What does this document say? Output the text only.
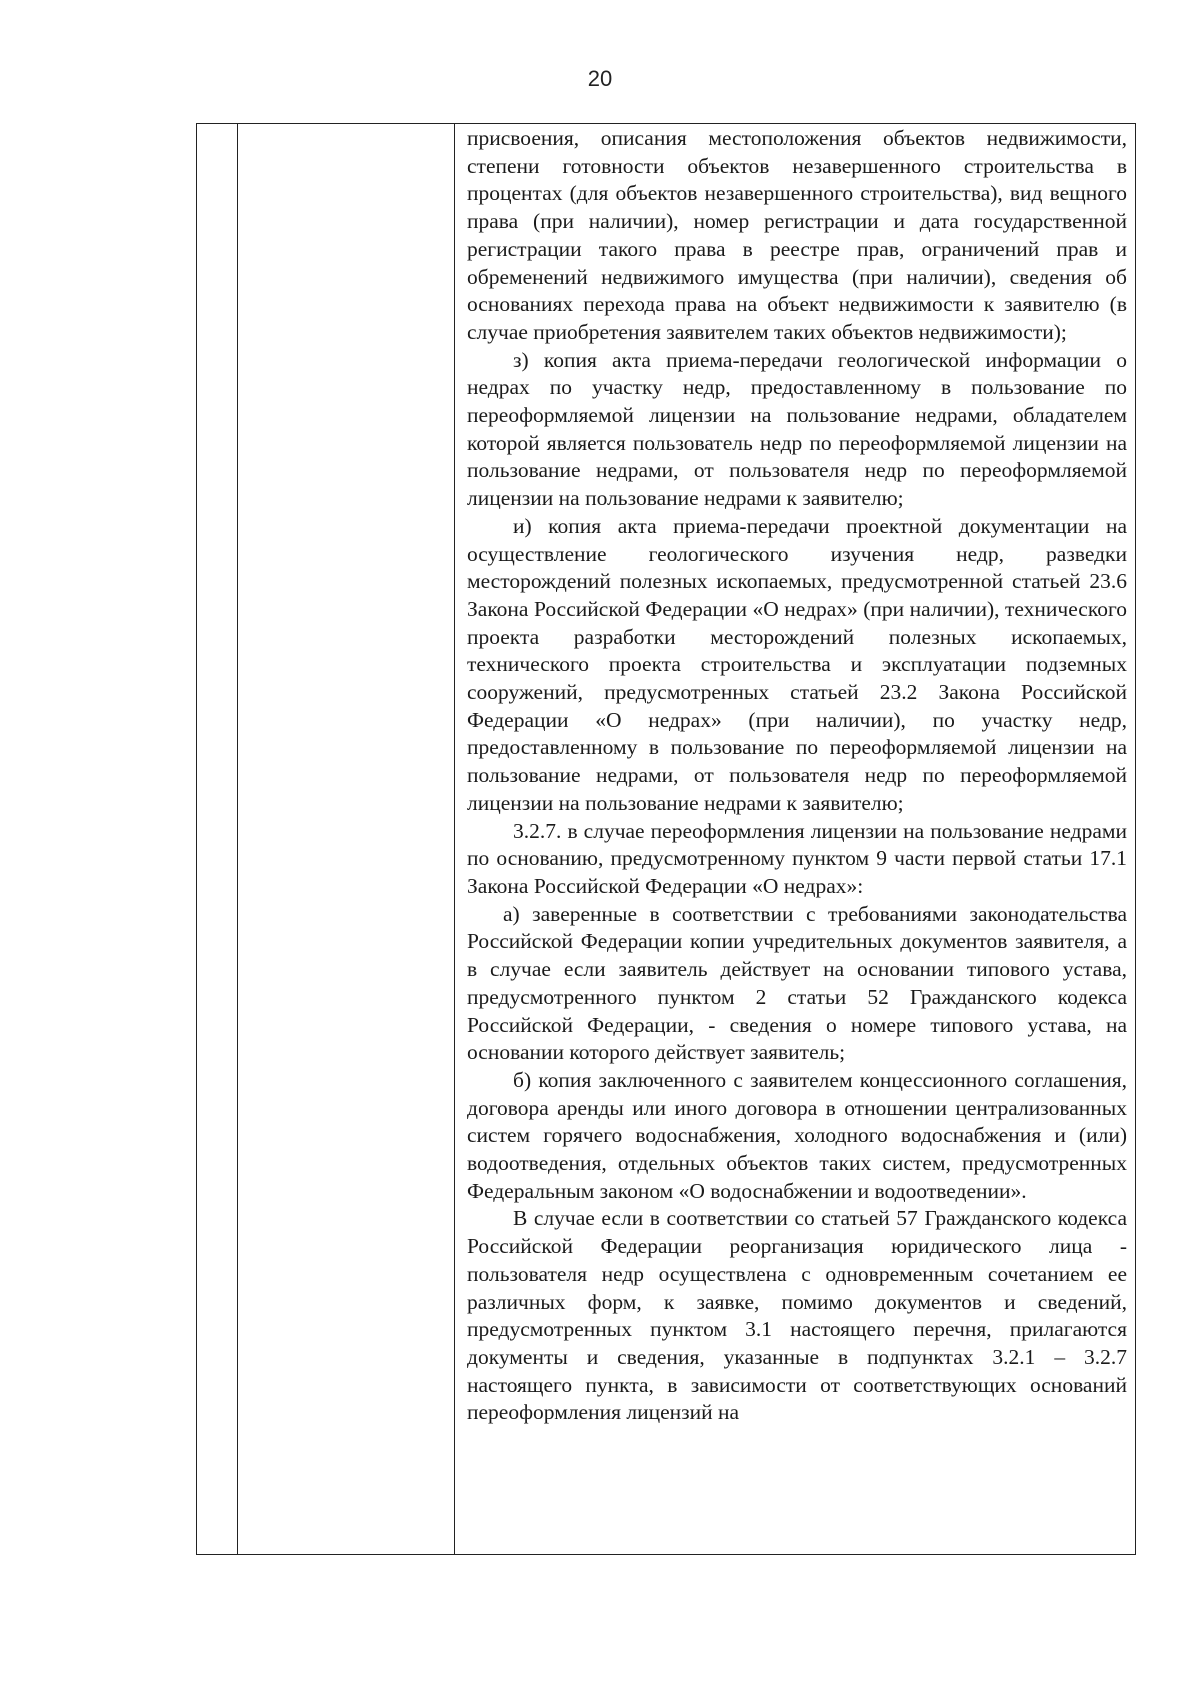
20

присвоения, описания местоположения объектов недвижимости, степени готовности объектов незавершенного строительства в процентах (для объектов незавершенного строительства), вид вещного права (при наличии), номер регистрации и дата государственной регистрации такого права в реестре прав, ограничений прав и обременений недвижимого имущества (при наличии), сведения об основаниях перехода права на объект недвижимости к заявителю (в случае приобретения заявителем таких объектов недвижимости);

з) копия акта приема-передачи геологической информации о недрах по участку недр, предоставленному в пользование по переоформляемой лицензии на пользование недрами, обладателем которой является пользователь недр по переоформляемой лицензии на пользование недрами, от пользователя недр по переоформляемой лицензии на пользование недрами к заявителю;

и) копия акта приема-передачи проектной документации на осуществление геологического изучения недр, разведки месторождений полезных ископаемых, предусмотренной статьей 23.6 Закона Российской Федерации «О недрах» (при наличии), технического проекта разработки месторождений полезных ископаемых, технического проекта строительства и эксплуатации подземных сооружений, предусмотренных статьей 23.2 Закона Российской Федерации «О недрах» (при наличии), по участку недр, предоставленному в пользование по переоформляемой лицензии на пользование недрами, от пользователя недр по переоформляемой лицензии на пользование недрами к заявителю;

3.2.7. в случае переоформления лицензии на пользование недрами по основанию, предусмотренному пунктом 9 части первой статьи 17.1 Закона Российской Федерации «О недрах»:

а) заверенные в соответствии с требованиями законодательства Российской Федерации копии учредительных документов заявителя, а в случае если заявитель действует на основании типового устава, предусмотренного пунктом 2 статьи 52 Гражданского кодекса Российской Федерации, - сведения о номере типового устава, на основании которого действует заявитель;

б) копия заключенного с заявителем концессионного соглашения, договора аренды или иного договора в отношении централизованных систем горячего водоснабжения, холодного водоснабжения и (или) водоотведения, отдельных объектов таких систем, предусмотренных Федеральным законом «О водоснабжении и водоотведении».

В случае если в соответствии со статьей 57 Гражданского кодекса Российской Федерации реорганизация юридического лица - пользователя недр осуществлена с одновременным сочетанием ее различных форм, к заявке, помимо документов и сведений, предусмотренных пунктом 3.1 настоящего перечня, прилагаются документы и сведения, указанные в подпунктах 3.2.1 – 3.2.7 настоящего пункта, в зависимости от соответствующих оснований переоформления лицензий на
